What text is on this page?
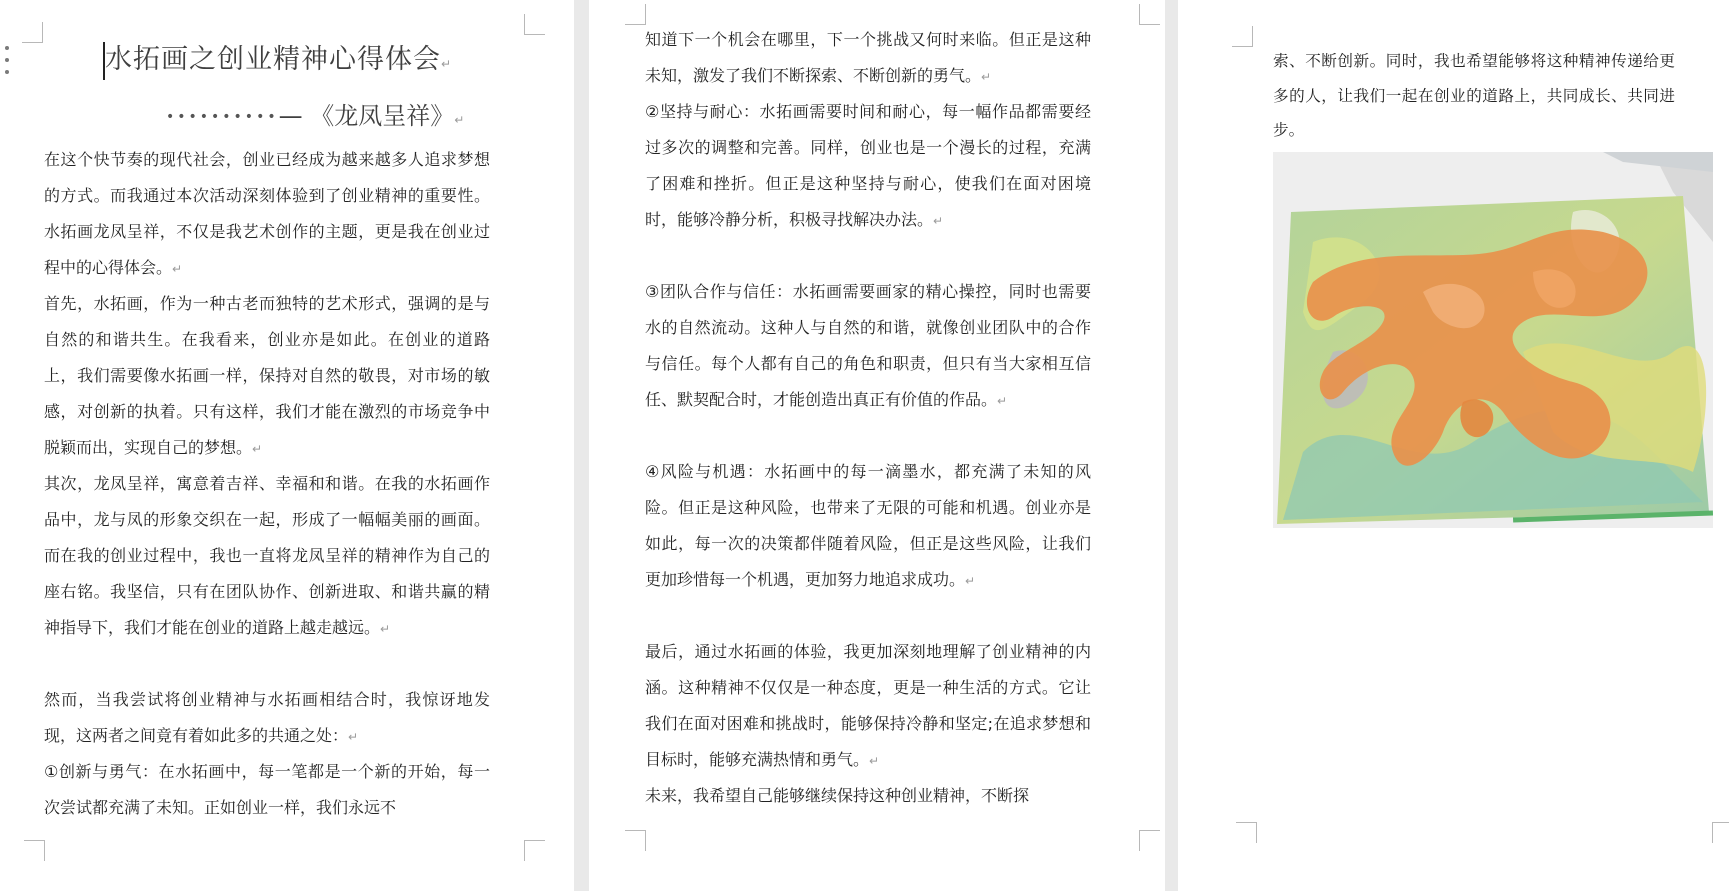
水拓画之创业精神心得体会↵
••••••••••— 《龙凤呈祥》↵

在这个快节奏的现代社会，创业已经成为越来越多人追求梦想的方式。而我通过本次活动深刻体验到了创业精神的重要性。水拓画龙凤呈祥，不仅是我艺术创作的主题，更是我在创业过程中的心得体会。↵

首先，水拓画，作为一种古老而独特的艺术形式，强调的是与自然的和谐共生。在我看来，创业亦是如此。在创业的道路上，我们需要像水拓画一样，保持对自然的敬畏，对市场的敏感，对创新的执着。只有这样，我们才能在激烈的市场竞争中脱颖而出，实现自己的梦想。↵

其次，龙凤呈祥，寓意着吉祥、幸福和和谐。在我的水拓画作品中，龙与凤的形象交织在一起，形成了一幅幅美丽的画面。而在我的创业过程中，我也一直将龙凤呈祥的精神作为自己的座右铭。我坚信，只有在团队协作、创新进取、和谐共赢的精神指导下，我们才能在创业的道路上越走越远。↵

然而，当我尝试将创业精神与水拓画相结合时，我惊讶地发现，这两者之间竟有着如此多的共通之处：↵

①创新与勇气：在水拓画中，每一笔都是一个新的开始，每一次尝试都充满了未知。正如创业一样，我们永远不

知道下一个机会在哪里，下一个挑战又何时来临。但正是这种未知，激发了我们不断探索、不断创新的勇气。↵

②坚持与耐心：水拓画需要时间和耐心，每一幅作品都需要经过多次的调整和完善。同样，创业也是一个漫长的过程，充满了困难和挫折。但正是这种坚持与耐心，使我们在面对困境时，能够冷静分析，积极寻找解决办法。↵

③团队合作与信任：水拓画需要画家的精心操控，同时也需要水的自然流动。这种人与自然的和谐，就像创业团队中的合作与信任。每个人都有自己的角色和职责，但只有当大家相互信任、默契配合时，才能创造出真正有价值的作品。↵

④风险与机遇：水拓画中的每一滴墨水，都充满了未知的风险。但正是这种风险，也带来了无限的可能和机遇。创业亦是如此，每一次的决策都伴随着风险，但正是这些风险，让我们更加珍惜每一个机遇，更加努力地追求成功。↵

最后，通过水拓画的体验，我更加深刻地理解了创业精神的内涵。这种精神不仅仅是一种态度，更是一种生活的方式。它让我们在面对困难和挑战时，能够保持冷静和坚定;在追求梦想和目标时，能够充满热情和勇气。↵

未来，我希望自己能够继续保持这种创业精神，不断探

索、不断创新。同时，我也希望能够将这种精神传递给更多的人，让我们一起在创业的道路上，共同成长、共同进步。
